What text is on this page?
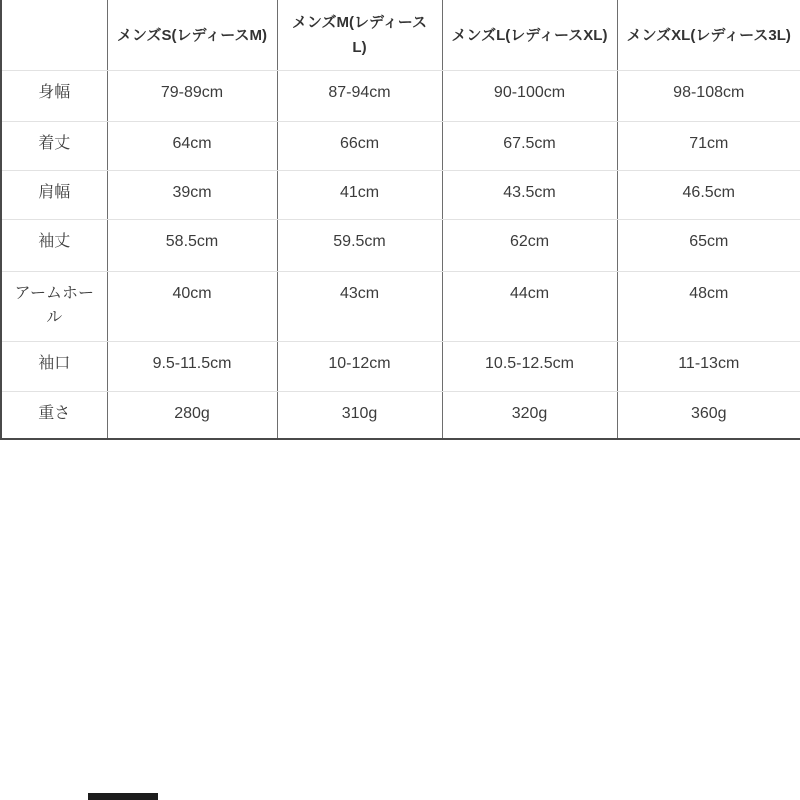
	メンズS(レディースM)	メンズM(レディースL)	メンズL(レディースXL)	メンズXL(レディース3L)
身幅	79-89cm	87-94cm	90-100cm	98-108cm
着丈	64cm	66cm	67.5cm	71cm
肩幅	39cm	41cm	43.5cm	46.5cm
袖丈	58.5cm	59.5cm	62cm	65cm
アームホール	40cm	43cm	44cm	48cm
袖口	9.5-11.5cm	10-12cm	10.5-12.5cm	11-13cm
重さ	280g	310g	320g	360g
